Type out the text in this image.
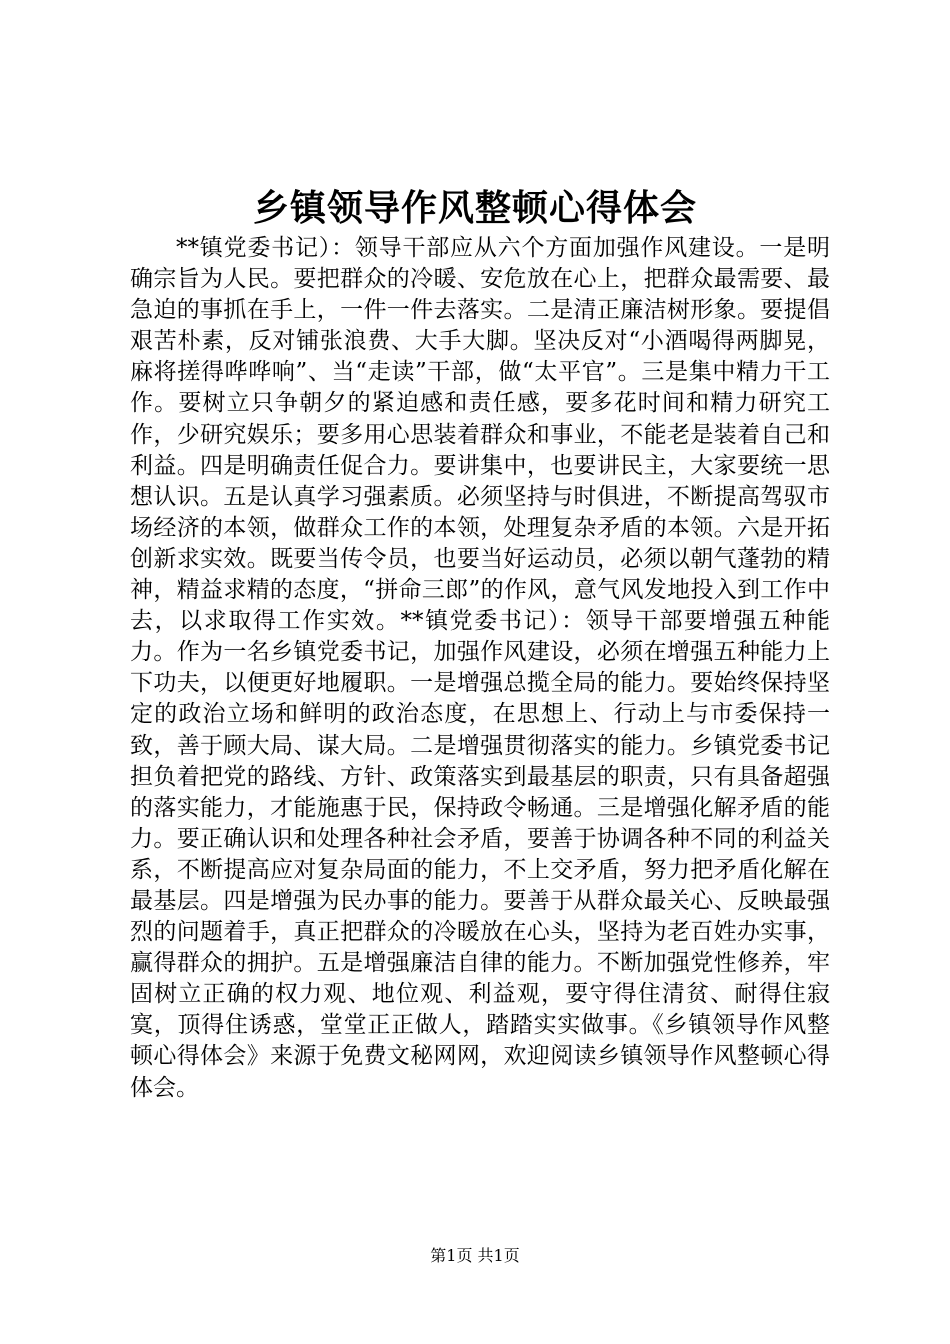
乡镇领导作风整顿心得体会

**镇党委书记）：领导干部应从六个方面加强作风建设。一是明确宗旨为人民。要把群众的冷暖、安危放在心上，把群众最需要、最急迫的事抓在手上，一件一件去落实。二是清正廉洁树形象。要提倡艰苦朴素，反对铺张浪费、大手大脚。坚决反对“小酒喝得两脚晃，麻将搓得哗哗响”、当“走读”干部，做“太平官”。三是集中精力干工作。要树立只争朝夕的紧迫感和责任感，要多花时间和精力研究工作，少研究娱乐；要多用心思装着群众和事业，不能老是装着自己和利益。四是明确责任促合力。要讲集中，也要讲民主，大家要统一思想认识。五是认真学习强素质。必须坚持与时俱进，不断提高驾驭市场经济的本领，做群众工作的本领，处理复杂矛盾的本领。六是开拓创新求实效。既要当传令员，也要当好运动员，必须以朝气蓬勃的精神，精益求精的态度，“拼命三郎”的作风，意气风发地投入到工作中去，以求取得工作实效。**镇党委书记）：领导干部要增强五种能力。作为一名乡镇党委书记，加强作风建设，必须在增强五种能力上下功夫，以便更好地履职。一是增强总揽全局的能力。要始终保持坚定的政治立场和鲜明的政治态度，在思想上、行动上与市委保持一致，善于顾大局、谋大局。二是增强贯彻落实的能力。乡镇党委书记担负着把党的路线、方针、政策落实到最基层的职责，只有具备超强的落实能力，才能施惠于民，保持政令畅通。三是增强化解矛盾的能力。要正确认识和处理各种社会矛盾，要善于协调各种不同的利益关系，不断提高应对复杂局面的能力，不上交矛盾，努力把矛盾化解在最基层。四是增强为民办事的能力。要善于从群众最关心、反映最强烈的问题着手，真正把群众的冷暖放在心头，坚持为老百姓办实事，赢得群众的拥护。五是增强廉洁自律的能力。不断加强党性修养，牢固树立正确的权力观、地位观、利益观，要守得住清贫、耐得住寂寞，顶得住诱惑，堂堂正正做人，踏踏实实做事。《乡镇领导作风整顿心得体会》来源于免费文秘网网，欢迎阅读乡镇领导作风整顿心得体会。

第1页 共1页
